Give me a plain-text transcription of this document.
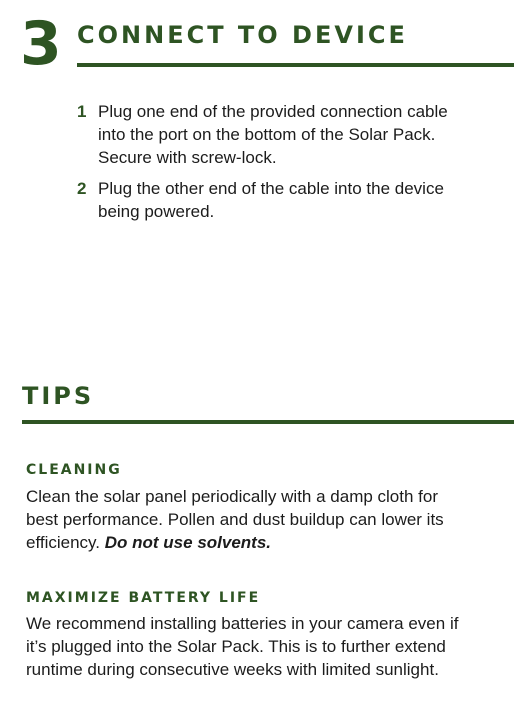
3 CONNECT TO DEVICE
1 Plug one end of the provided connection cable into the port on the bottom of the Solar Pack. Secure with screw-lock.
2 Plug the other end of the cable into the device being powered.
TIPS
CLEANING

Clean the solar panel periodically with a damp cloth for best performance. Pollen and dust buildup can lower its efficiency. Do not use solvents.

MAXIMIZE BATTERY LIFE

We recommend installing batteries in your camera even if it’s plugged into the Solar Pack. This is to further extend runtime during consecutive weeks with limited sunlight.
